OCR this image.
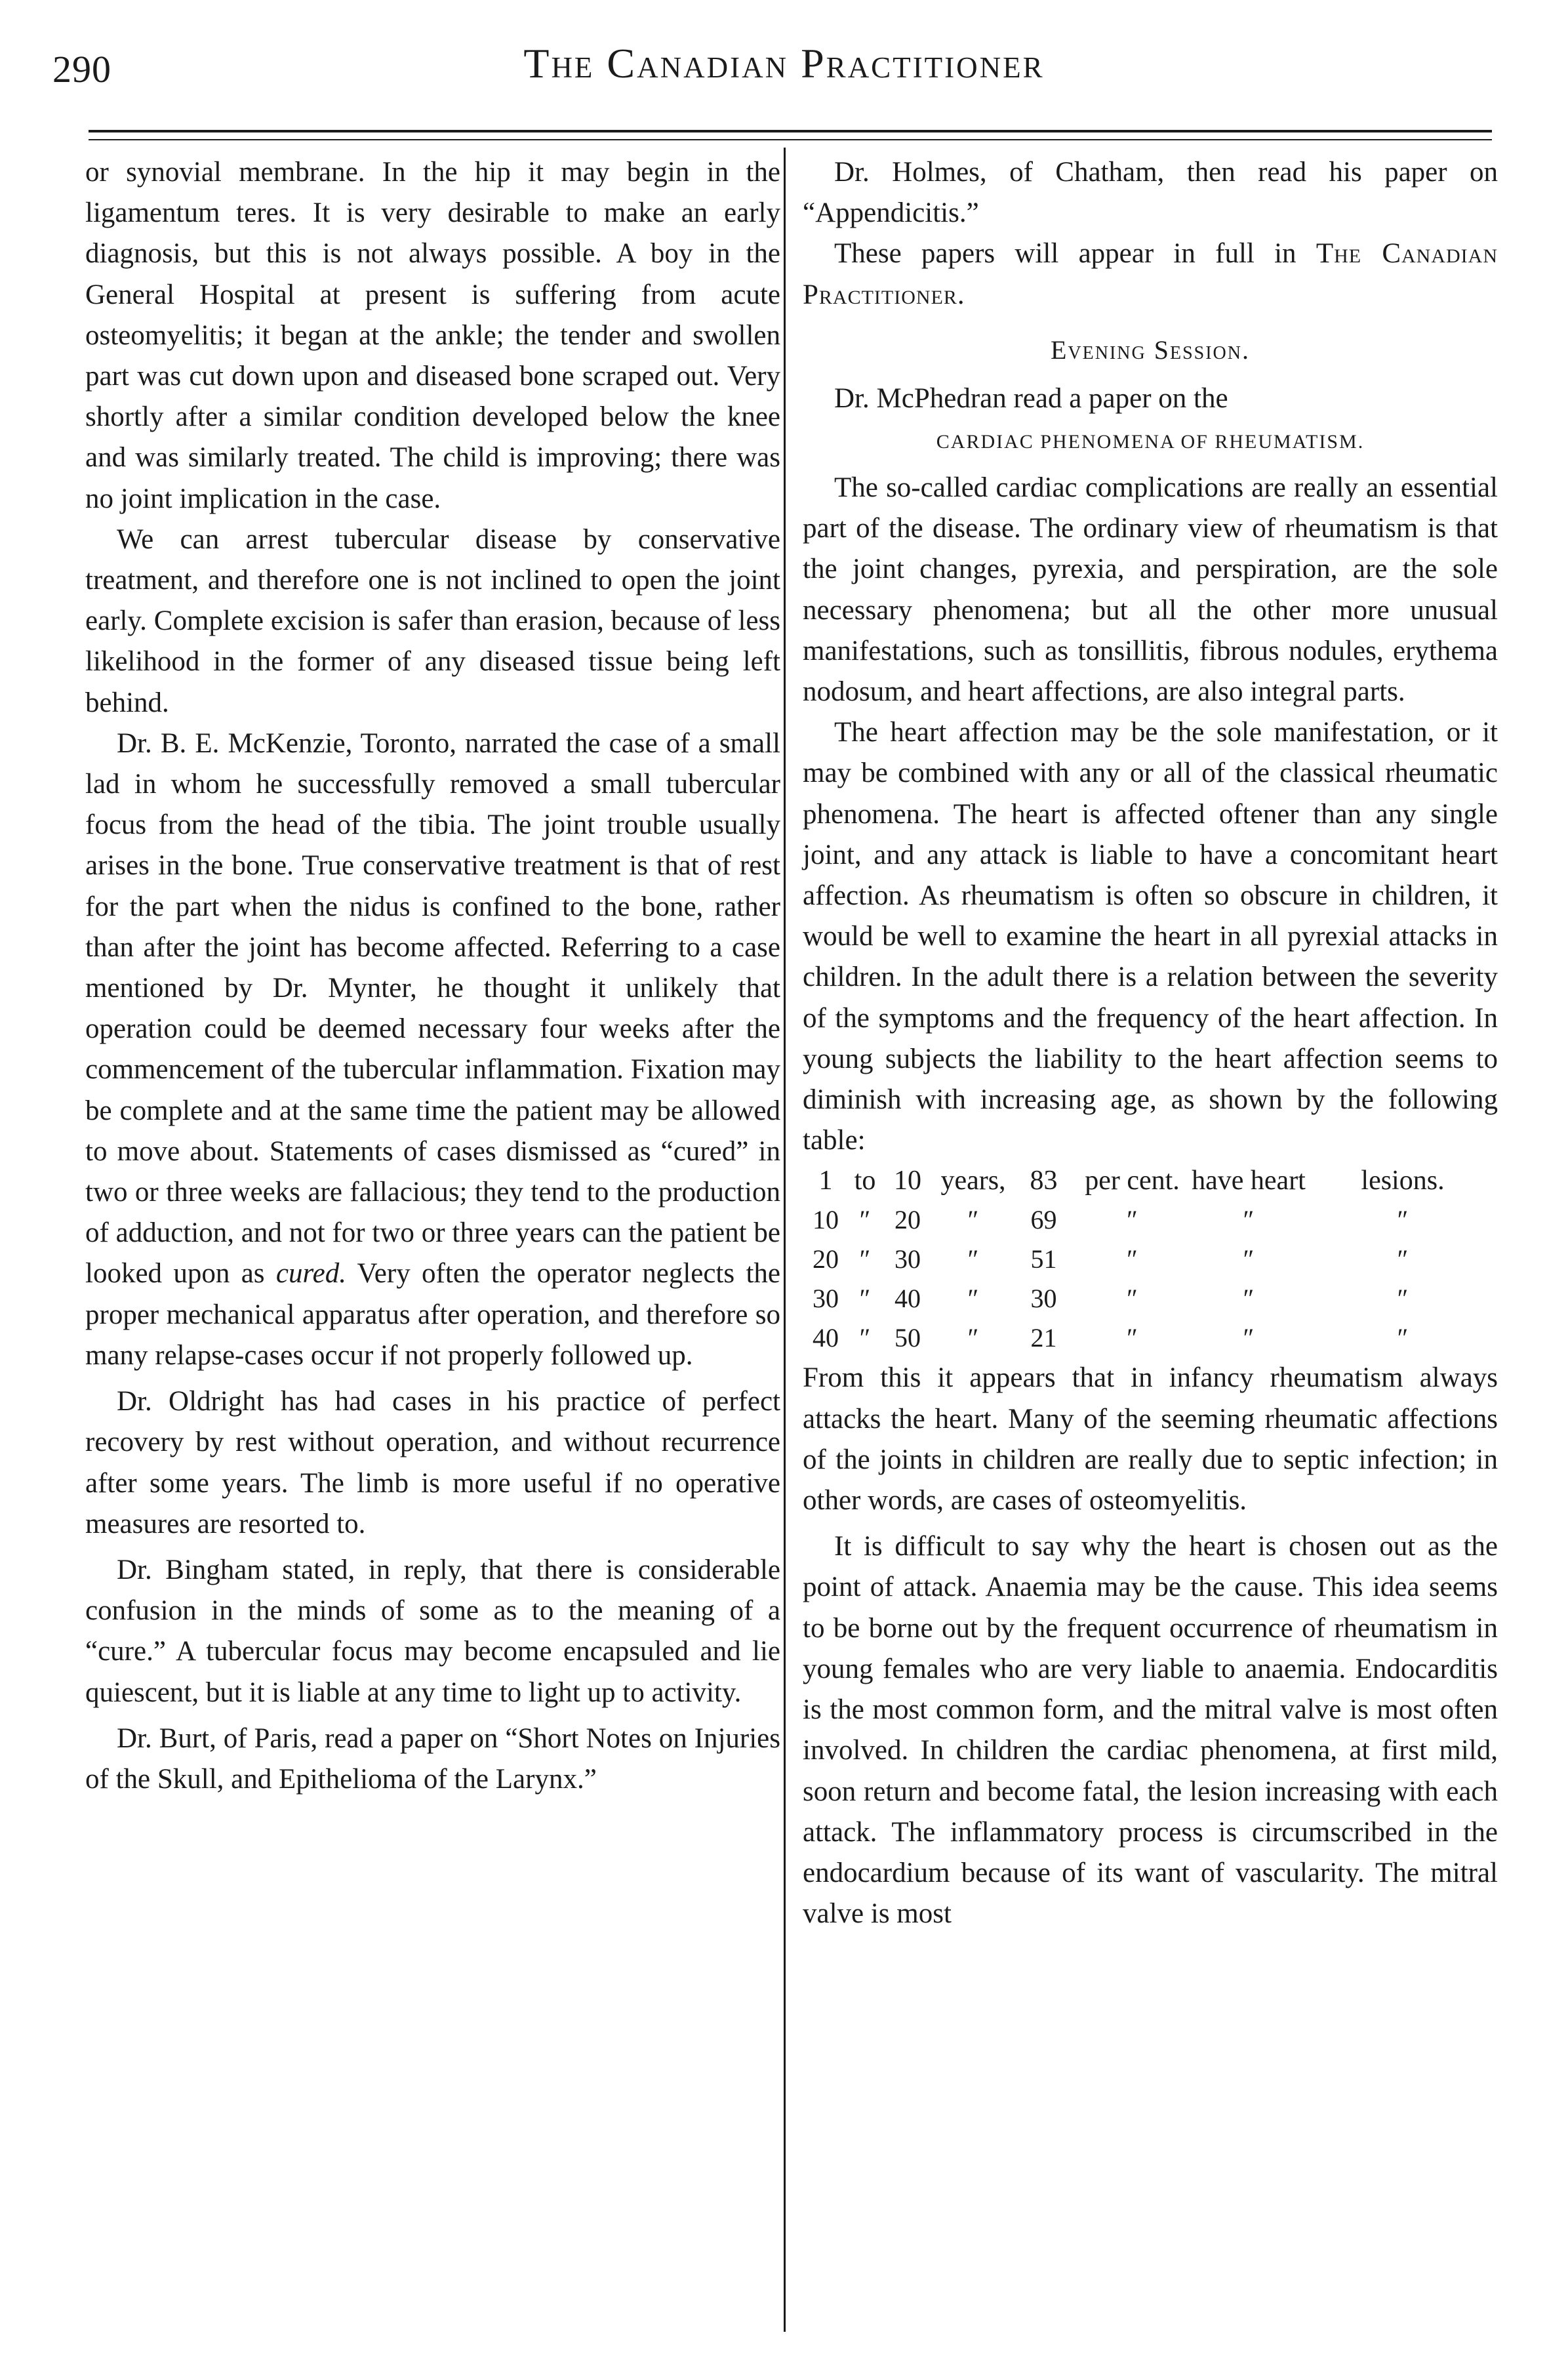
290	The Canadian Practitioner

or synovial membrane. In the hip it may begin in the ligamentum teres. It is very desirable to make an early diagnosis, but this is not always possible. A boy in the General Hospital at present is suffering from acute osteomyelitis; it began at the ankle; the tender and swollen part was cut down upon and diseased bone scraped out. Very shortly after a similar condition developed below the knee and was similarly treated. The child is improving; there was no joint implication in the case.

We can arrest tubercular disease by conservative treatment, and therefore one is not inclined to open the joint early. Complete excision is safer than erasion, because of less likelihood in the former of any diseased tissue being left behind.

Dr. B. E. McKenzie, Toronto, narrated the case of a small lad in whom he successfully removed a small tubercular focus from the head of the tibia. The joint trouble usually arises in the bone. True conservative treatment is that of rest for the part when the nidus is confined to the bone, rather than after the joint has become affected. Referring to a case mentioned by Dr. Mynter, he thought it unlikely that operation could be deemed necessary four weeks after the commencement of the tubercular inflammation. Fixation may be complete and at the same time the patient may be allowed to move about. Statements of cases dismissed as “cured” in two or three weeks are fallacious; they tend to the production of adduction, and not for two or three years can the patient be looked upon as cured. Very often the operator neglects the proper mechanical apparatus after operation, and therefore so many relapse-cases occur if not properly followed up.

Dr. Oldright has had cases in his practice of perfect recovery by rest without operation, and without recurrence after some years. The limb is more useful if no operative measures are resorted to.

Dr. Bingham stated, in reply, that there is considerable confusion in the minds of some as to the meaning of a “cure.” A tubercular focus may become encapsuled and lie quiescent, but it is liable at any time to light up to activity.

Dr. Burt, of Paris, read a paper on “Short Notes on Injuries of the Skull, and Epithelioma of the Larynx.”

Dr. Holmes, of Chatham, then read his paper on “Appendicitis.”

These papers will appear in full in The Canadian Practitioner.

Evening Session.

Dr. McPhedran read a paper on the

CARDIAC PHENOMENA OF RHEUMATISM.

The so-called cardiac complications are really an essential part of the disease. The ordinary view of rheumatism is that the joint changes, pyrexia, and perspiration, are the sole necessary phenomena; but all the other more unusual manifestations, such as tonsillitis, fibrous nodules, erythema nodosum, and heart affections, are also integral parts.

The heart affection may be the sole manifestation, or it may be combined with any or all of the classical rheumatic phenomena. The heart is affected oftener than any single joint, and any attack is liable to have a concomitant heart affection. As rheumatism is often so obscure in children, it would be well to examine the heart in all pyrexial attacks in children. In the adult there is a relation between the severity of the symptoms and the frequency of the heart affection. In young subjects the liability to the heart affection seems to diminish with increasing age, as shown by the following table:

1	to	10	years,	83	per cent.	have heart	lesions.
10	″	20	″	69	″	″	″
20	″	30	″	51	″	″	″
30	″	40	″	30	″	″	″
40	″	50	″	21	″	″	″

From this it appears that in infancy rheumatism always attacks the heart. Many of the seeming rheumatic affections of the joints in children are really due to septic infection; in other words, are cases of osteomyelitis.

It is difficult to say why the heart is chosen out as the point of attack. Anaemia may be the cause. This idea seems to be borne out by the frequent occurrence of rheumatism in young females who are very liable to anaemia. Endocarditis is the most common form, and the mitral valve is most often involved. In children the cardiac phenomena, at first mild, soon return and become fatal, the lesion increasing with each attack. The inflammatory process is circumscribed in the endocardium because of its want of vascularity. The mitral valve is most
